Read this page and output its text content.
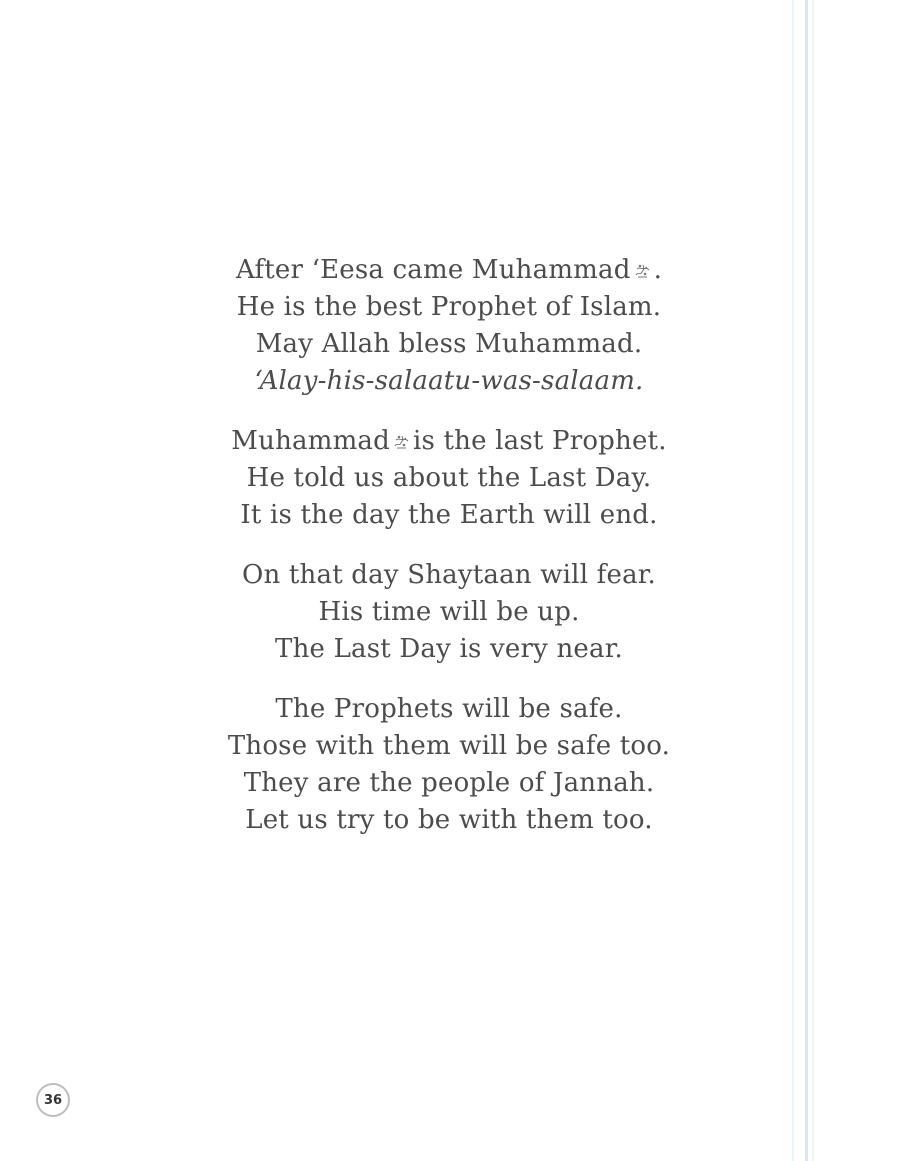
After ‘Eesa came Muhammad .
He is the best Prophet of Islam.
May Allah bless Muhammad.
‘Alay-his-salaatu-was-salaam.
Muhammad is the last Prophet.
He told us about the Last Day.
It is the day the Earth will end.
On that day Shaytaan will fear.
His time will be up.
The Last Day is very near.
The Prophets will be safe.
Those with them will be safe too.
They are the people of Jannah.
Let us try to be with them too.
36
